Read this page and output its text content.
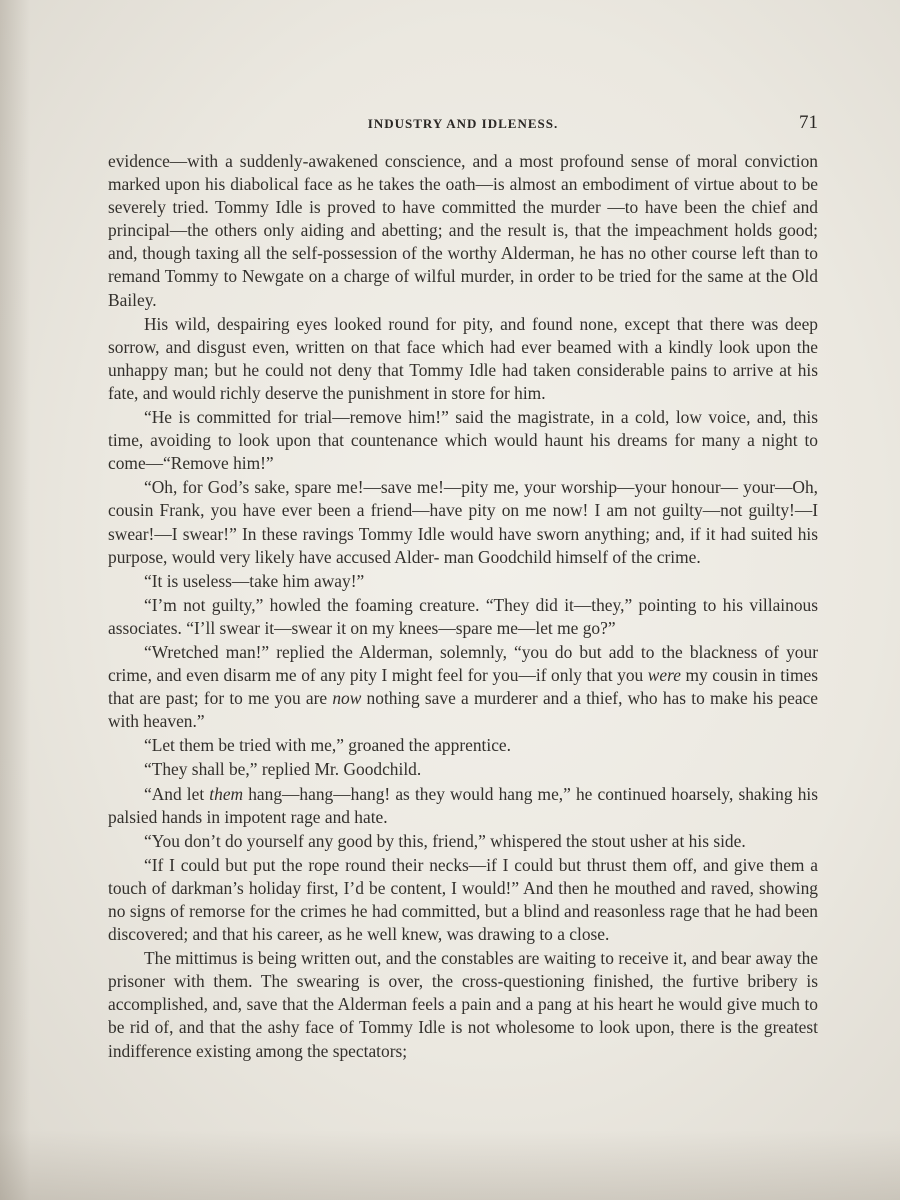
INDUSTRY AND IDLENESS.	71

evidence—with a suddenly-awakened conscience, and a most profound sense of moral conviction marked upon his diabolical face as he takes the oath—is almost an embodiment of virtue about to be severely tried. Tommy Idle is proved to have committed the murder —to have been the chief and principal—the others only aiding and abetting; and the result is, that the impeachment holds good; and, though taxing all the self-possession of the worthy Alderman, he has no other course left than to remand Tommy to Newgate on a charge of wilful murder, in order to be tried for the same at the Old Bailey.

His wild, despairing eyes looked round for pity, and found none, except that there was deep sorrow, and disgust even, written on that face which had ever beamed with a kindly look upon the unhappy man; but he could not deny that Tommy Idle had taken considerable pains to arrive at his fate, and would richly deserve the punishment in store for him.

“He is committed for trial—remove him!” said the magistrate, in a cold, low voice, and, this time, avoiding to look upon that countenance which would haunt his dreams for many a night to come—“Remove him!”

“Oh, for God’s sake, spare me!—save me!—pity me, your worship—your honour— your—Oh, cousin Frank, you have ever been a friend—have pity on me now! I am not guilty—not guilty!—I swear!—I swear!” In these ravings Tommy Idle would have sworn anything; and, if it had suited his purpose, would very likely have accused Alder- man Goodchild himself of the crime.

“It is useless—take him away!”

“I’m not guilty,” howled the foaming creature. “They did it—they,” pointing to his villainous associates. “I’ll swear it—swear it on my knees—spare me—let me go?”

“Wretched man!” replied the Alderman, solemnly, “you do but add to the blackness of your crime, and even disarm me of any pity I might feel for you—if only that you were my cousin in times that are past; for to me you are now nothing save a murderer and a thief, who has to make his peace with heaven.”

“Let them be tried with me,” groaned the apprentice.

“They shall be,” replied Mr. Goodchild.

“And let them hang—hang—hang! as they would hang me,” he continued hoarsely, shaking his palsied hands in impotent rage and hate.

“You don’t do yourself any good by this, friend,” whispered the stout usher at his side.

“If I could but put the rope round their necks—if I could but thrust them off, and give them a touch of darkman’s holiday first, I’d be content, I would!” And then he mouthed and raved, showing no signs of remorse for the crimes he had committed, but a blind and reasonless rage that he had been discovered; and that his career, as he well knew, was drawing to a close.

The mittimus is being written out, and the constables are waiting to receive it, and bear away the prisoner with them. The swearing is over, the cross-questioning finished, the furtive bribery is accomplished, and, save that the Alderman feels a pain and a pang at his heart he would give much to be rid of, and that the ashy face of Tommy Idle is not wholesome to look upon, there is the greatest indifference existing among the spectators;
